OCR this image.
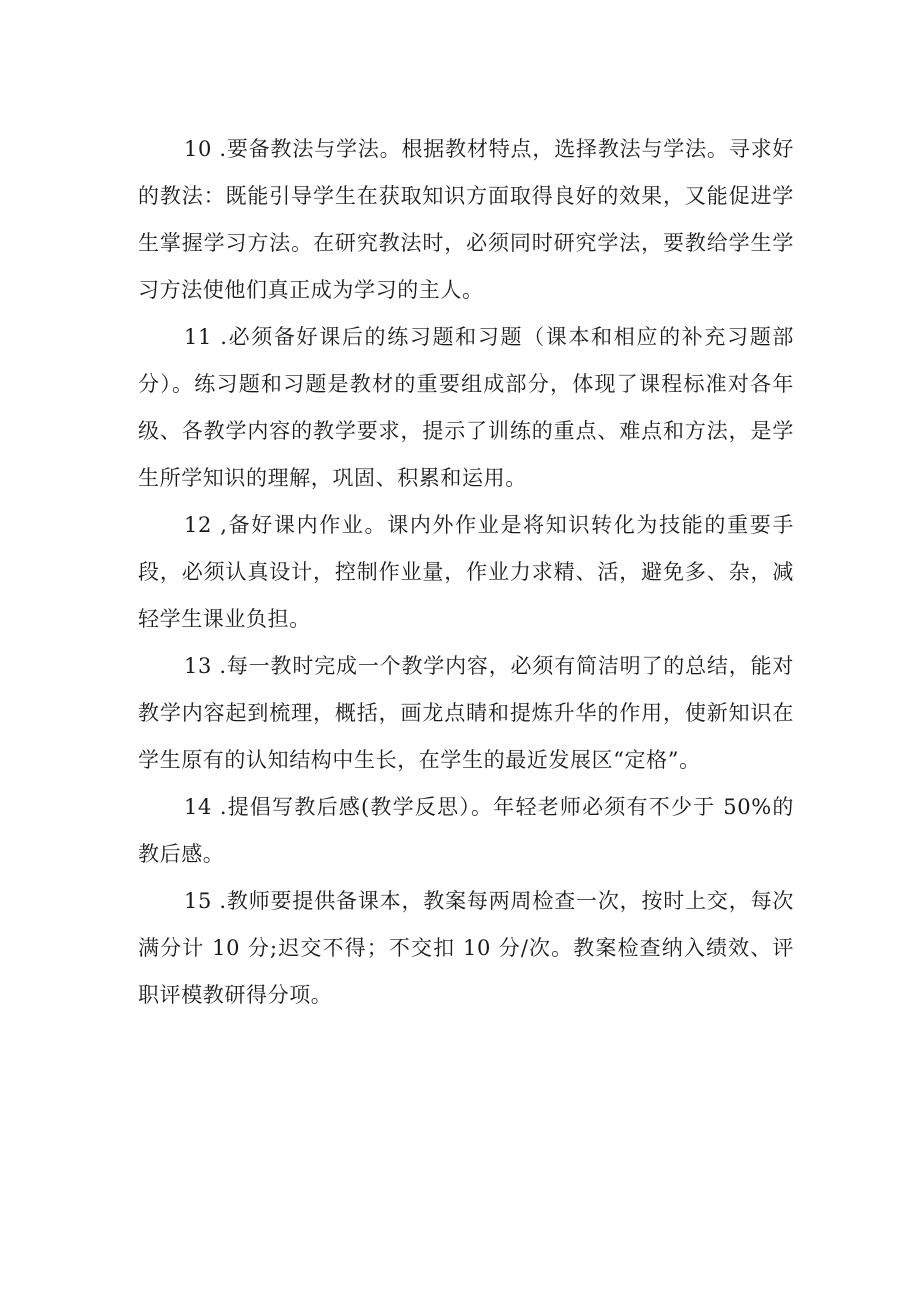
10 .要备教法与学法。根据教材特点，选择教法与学法。寻求好的教法：既能引导学生在获取知识方面取得良好的效果，又能促进学生掌握学习方法。在研究教法时，必须同时研究学法，要教给学生学习方法使他们真正成为学习的主人。

11 .必须备好课后的练习题和习题（课本和相应的补充习题部分）。练习题和习题是教材的重要组成部分，体现了课程标准对各年级、各教学内容的教学要求，提示了训练的重点、难点和方法，是学生所学知识的理解，巩固、积累和运用。

12 ,备好课内作业。课内外作业是将知识转化为技能的重要手段，必须认真设计，控制作业量，作业力求精、活，避免多、杂，减轻学生课业负担。

13 .每一教时完成一个教学内容，必须有简洁明了的总结，能对教学内容起到梳理，概括，画龙点睛和提炼升华的作用，使新知识在学生原有的认知结构中生长，在学生的最近发展区“定格”。

14 .提倡写教后感(教学反思）。年轻老师必须有不少于 50%的教后感。

15 .教师要提供备课本，教案每两周检查一次，按时上交，每次满分计 10 分;迟交不得；不交扣 10 分/次。教案检查纳入绩效、评职评模教研得分项。
